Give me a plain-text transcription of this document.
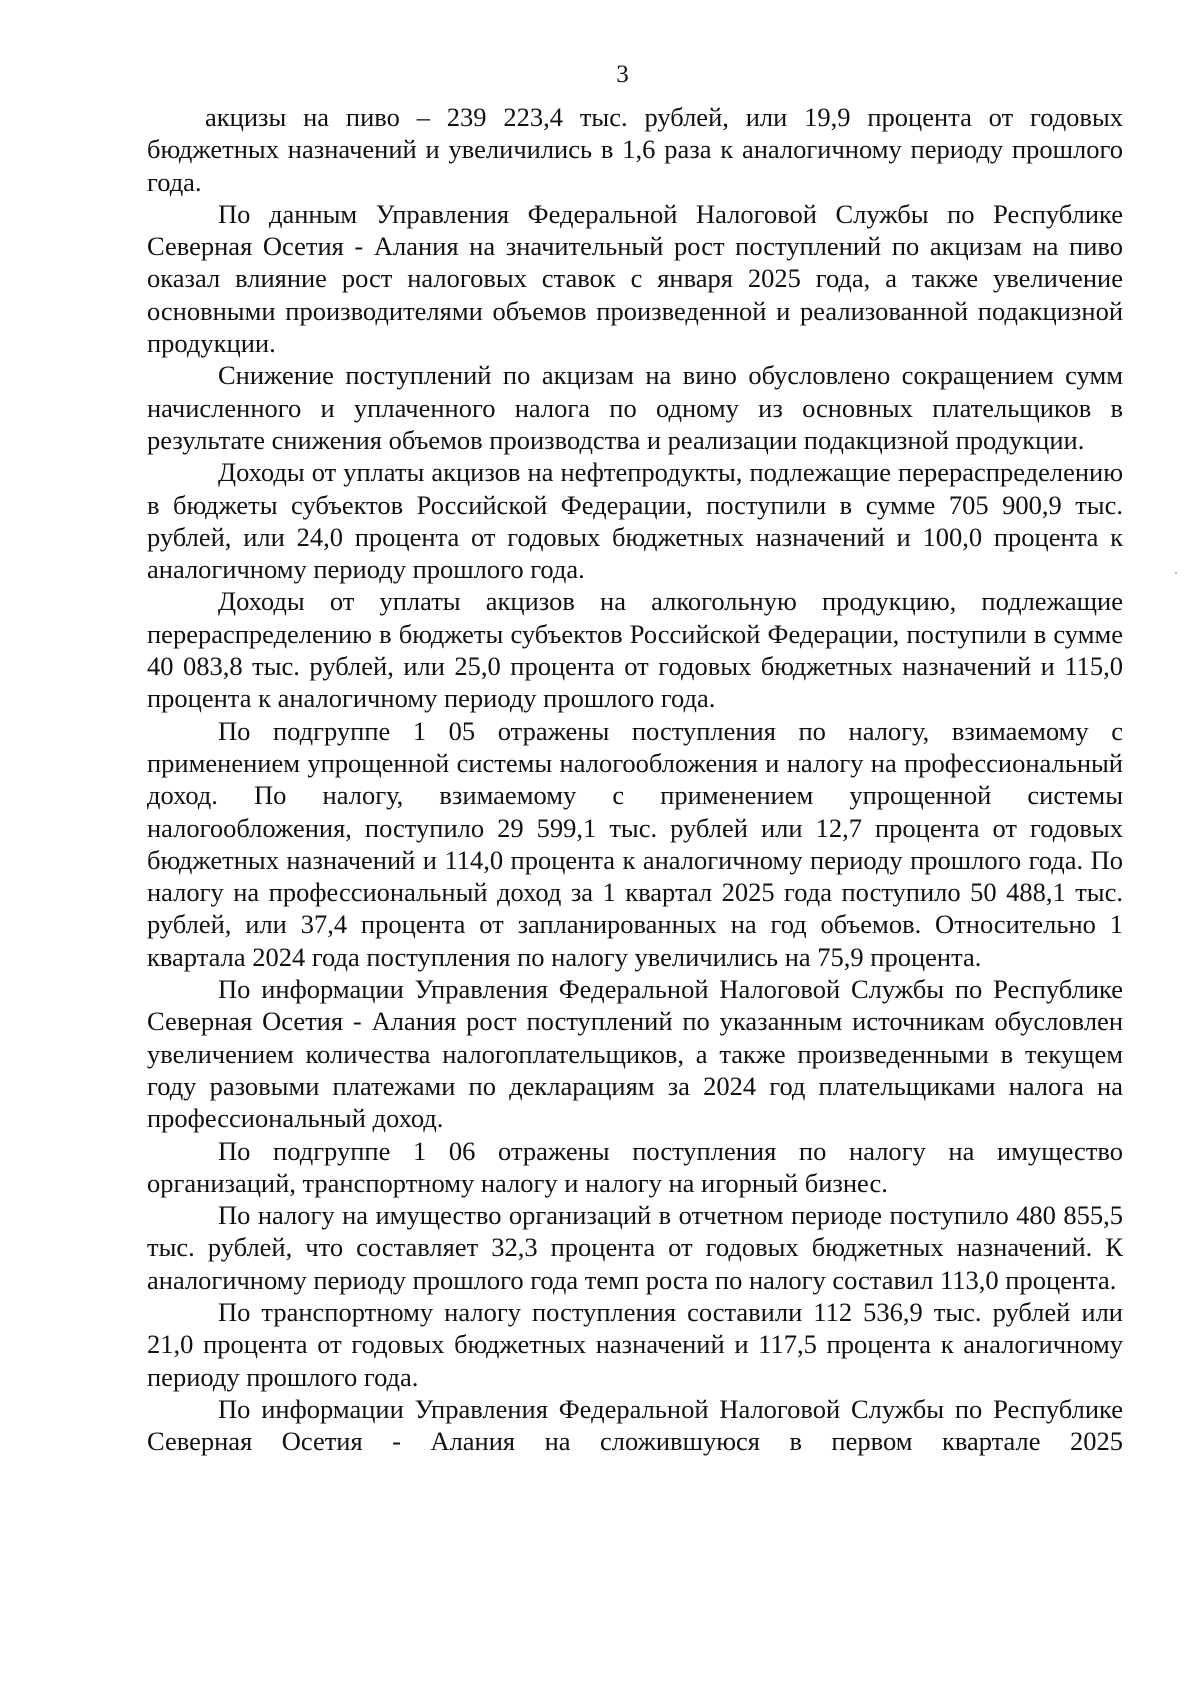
3

акцизы на пиво – 239 223,4 тыс. рублей, или 19,9 процента от годовых бюджетных назначений и увеличились в 1,6 раза к аналогичному периоду прошлого года.

По данным Управления Федеральной Налоговой Службы по Республике Северная Осетия - Алания на значительный рост поступлений по акцизам на пиво оказал влияние рост налоговых ставок с января 2025 года, а также увеличение основными производителями объемов произведенной и реализованной подакцизной продукции.

Снижение поступлений по акцизам на вино обусловлено сокращением сумм начисленного и уплаченного налога по одному из основных плательщиков в результате снижения объемов производства и реализации подакцизной продукции.

Доходы от уплаты акцизов на нефтепродукты, подлежащие перераспределению в бюджеты субъектов Российской Федерации, поступили в сумме 705 900,9 тыс. рублей, или 24,0 процента от годовых бюджетных назначений и 100,0 процента к аналогичному периоду прошлого года.

Доходы от уплаты акцизов на алкогольную продукцию, подлежащие перераспределению в бюджеты субъектов Российской Федерации, поступили в сумме 40 083,8 тыс. рублей, или 25,0 процента от годовых бюджетных назначений и 115,0 процента к аналогичному периоду прошлого года.

По подгруппе 1 05 отражены поступления по налогу, взимаемому с применением упрощенной системы налогообложения и налогу на профессиональный доход. По налогу, взимаемому с применением упрощенной системы налогообложения, поступило 29 599,1 тыс. рублей или 12,7 процента от годовых бюджетных назначений и 114,0 процента к аналогичному периоду прошлого года. По налогу на профессиональный доход за 1 квартал 2025 года поступило 50 488,1 тыс. рублей, или 37,4 процента от запланированных на год объемов. Относительно 1 квартала 2024 года поступления по налогу увеличились на 75,9 процента.

По информации Управления Федеральной Налоговой Службы по Республике Северная Осетия - Алания рост поступлений по указанным источникам обусловлен увеличением количества налогоплательщиков, а также произведенными в текущем году разовыми платежами по декларациям за 2024 год плательщиками налога на профессиональный доход.

По подгруппе 1 06 отражены поступления по налогу на имущество организаций, транспортному налогу и налогу на игорный бизнес.

По налогу на имущество организаций в отчетном периоде поступило 480 855,5 тыс. рублей, что составляет 32,3 процента от годовых бюджетных назначений. К аналогичному периоду прошлого года темп роста по налогу составил 113,0 процента.

По транспортному налогу поступления составили 112 536,9 тыс. рублей или 21,0 процента от годовых бюджетных назначений и 117,5 процента к аналогичному периоду прошлого года.

По информации Управления Федеральной Налоговой Службы по Республике Северная Осетия - Алания на сложившуюся в первом квартале 2025
